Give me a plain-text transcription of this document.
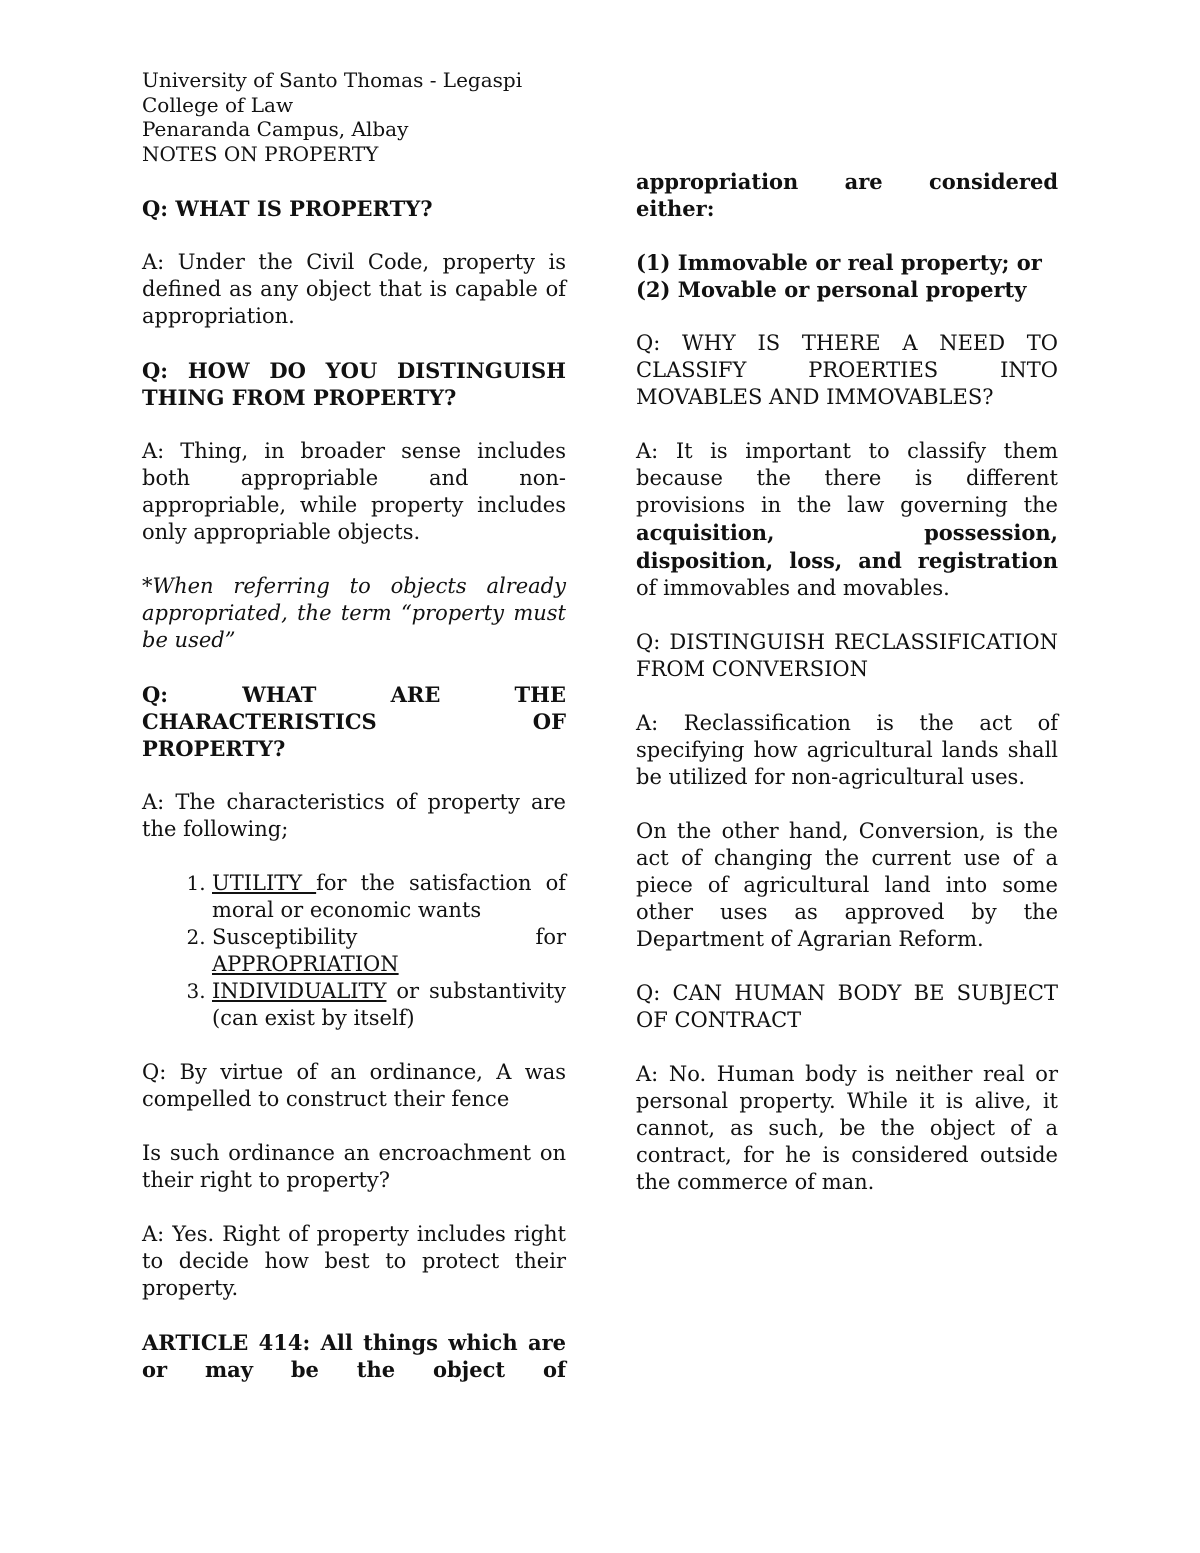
University of Santo Thomas - Legaspi
College of Law
Penaranda Campus, Albay
NOTES ON PROPERTY

Q: WHAT IS PROPERTY?

A: Under the Civil Code, property is defined as any object that is capable of appropriation.

Q: HOW DO YOU DISTINGUISH THING FROM PROPERTY?

A: Thing, in broader sense includes both appropriable and non-appropriable, while property includes only appropriable objects.

*When referring to objects already appropriated, the term “property must be used”

Q: WHAT ARE THE
CHARACTERISTICS OF
PROPERTY?

A: The characteristics of property are the following;

1. UTILITY for the satisfaction of moral or economic wants
2. Susceptibility for
APPROPRIATION
3. INDIVIDUALITY or substantivity (can exist by itself)

Q: By virtue of an ordinance, A was compelled to construct their fence

Is such ordinance an encroachment on their right to property?

A: Yes. Right of property includes right to decide how best to protect their property.

ARTICLE 414: All things which are or may be the object of

appropriation are considered either:

(1) Immovable or real property; or
(2) Movable or personal property

Q: WHY IS THERE A NEED TO CLASSIFY PROERTIES INTO MOVABLES AND IMMOVABLES?

A: It is important to classify them because the there is different provisions in the law governing the acquisition, possession, disposition, loss, and registration of immovables and movables.

Q: DISTINGUISH RECLASSIFICATION FROM CONVERSION

A: Reclassification is the act of specifying how agricultural lands shall be utilized for non-agricultural uses.

On the other hand, Conversion, is the act of changing the current use of a piece of agricultural land into some other uses as approved by the Department of Agrarian Reform.

Q: CAN HUMAN BODY BE SUBJECT OF CONTRACT

A: No. Human body is neither real or personal property. While it is alive, it cannot, as such, be the object of a contract, for he is considered outside the commerce of man.
